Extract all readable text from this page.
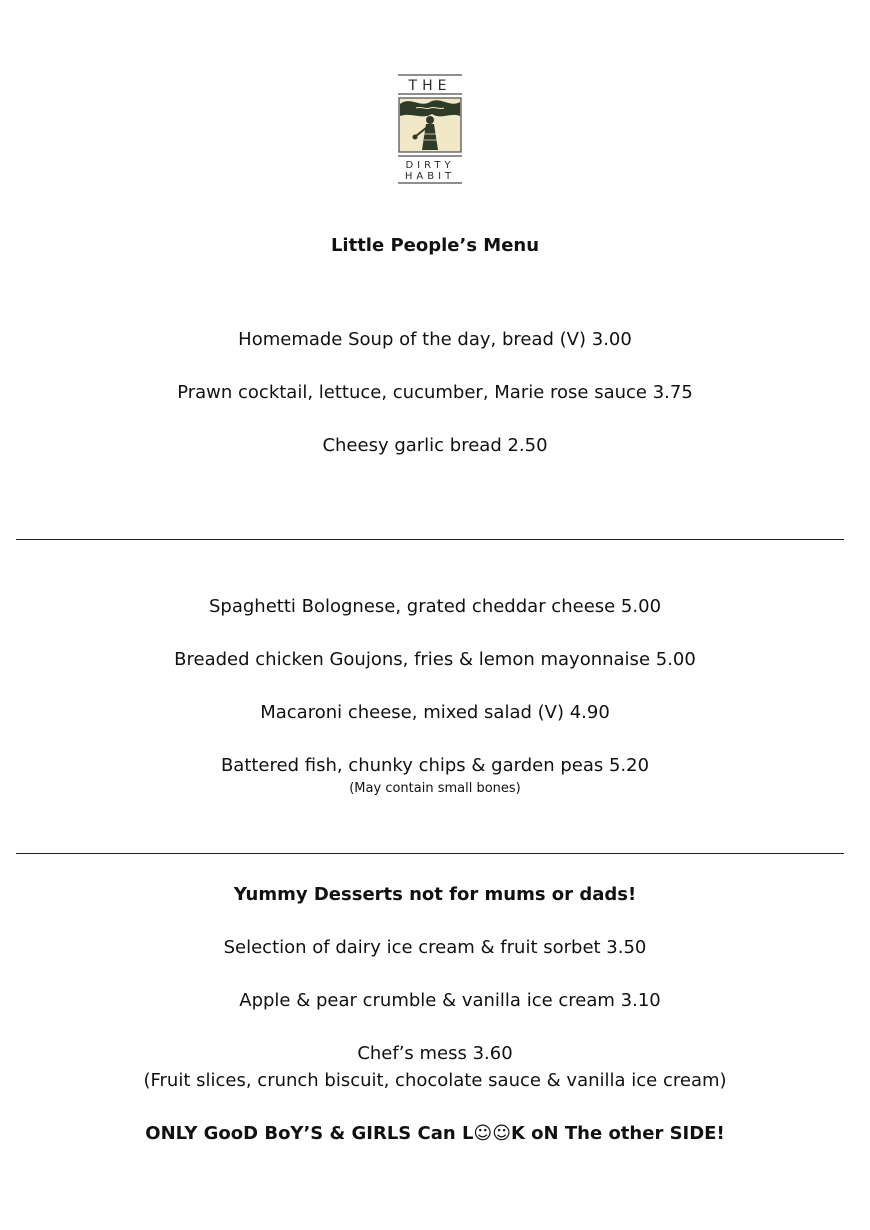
THE
DIRTY
HABIT
Little People’s Menu
Homemade Soup of the day, bread (V) 3.00
Prawn cocktail, lettuce, cucumber, Marie rose sauce 3.75
Cheesy garlic bread 2.50
Spaghetti Bolognese, grated cheddar cheese 5.00
Breaded chicken Goujons, fries & lemon mayonnaise 5.00
Macaroni cheese, mixed salad (V) 4.90
Battered fish, chunky chips & garden peas 5.20
(May contain small bones)
Yummy Desserts not for mums or dads!
Selection of dairy ice cream & fruit sorbet 3.50
Apple & pear crumble & vanilla ice cream 3.10
Chef’s mess 3.60
(Fruit slices, crunch biscuit, chocolate sauce & vanilla ice cream)
ONLY GooD BoY’S & GIRLS Can L☺☺K oN The other SIDE!
